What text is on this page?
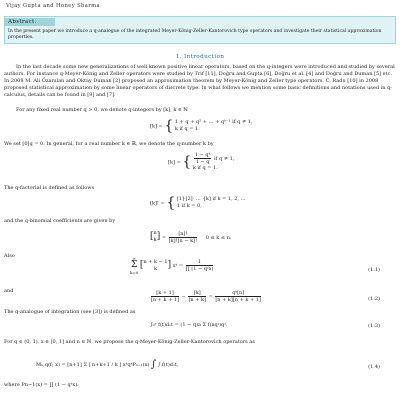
Vijay Gupta and Honey Sharma
Abstract.
In the present paper we introduce a q-analogue of the integrated Meyer-König-Zeller-Kantorovich type operators and investigate their statistical approximation properties.
1. Introduction
In the last decade some new generalizations of well known positive linear operators, based on the q-integers were introduced and studied by several authors. For instance q-Meyer-König and Zeller operators were studied by Trif [11], Doğru and Gupta [6], Doğru et al. [4] and Doğru and Duman [5] etc. In 2008 M. Ali Özarslan and Oktay Duman [2] proposed an approximation theorem by Meyer-König and Zeller type operators. C. Radu [10] in 2008 proposed statistical approximation by some linear operators of discrete type. In what follows we mention some basic definitions and notations used in q-calculus, details can be found in [9] and [7].
For any fixed real number q > 0, we denote q-integers by [k], k ∈ ℕ
[k] = { 1 + q + q² + … + qᵏ⁻¹ if q ≠ 1,
k if q = 1.
We set [0]q = 0. In general, for a real number k ∈ ℝ, we denote the q-number k by
[k] = { $\frac{\text{1 − qᵏ}}{1 - q}$ if q ≠ 1,
k if q = 1.
The q-factorial is defined as follows
[k]! = { [1]·[2]· … ·[k] if k = 1, 2, …
1 if k = 0,
and the q-binomial coefficients are given by
[ n
k ] = $\frac{[n]!}{[k]![n - k]!} 0 \le k \le n$.
Also	∞
Σ
k=0
[ n + k − 1
k	] xᵏ = $\frac{1}{\text{∏ (1 − qˢx)}}$	(1.1)
and	$\frac{[k + 1]}{[n + k + 1]} - \frac{[k]}{[n + k]} = \frac{\text{qᵏ[n]}}{[n + k][n + k + 1]}$	(1.2)
The q-analogue of integration (see [3]) is defined as
∫₀ᵃ f(t)dₒt = (1 − q)a Σ f(aqʲ)qʲ.	(1.3)
For q ∈ (0, 1), x ∈ [0, 1] and n ∈ ℕ, we propose the q-Meyer-König-Zeller-Kantorovich operators as
Mₙ,q(f; x) = [n+1] Σ [ n+k+1 / k ] xᵏqᵏPₙ₋₁(x) ∫ ∫ f(t)dₒt,	(1.4)
where Pn−1(x) = ∏ (1 − qˢx).
